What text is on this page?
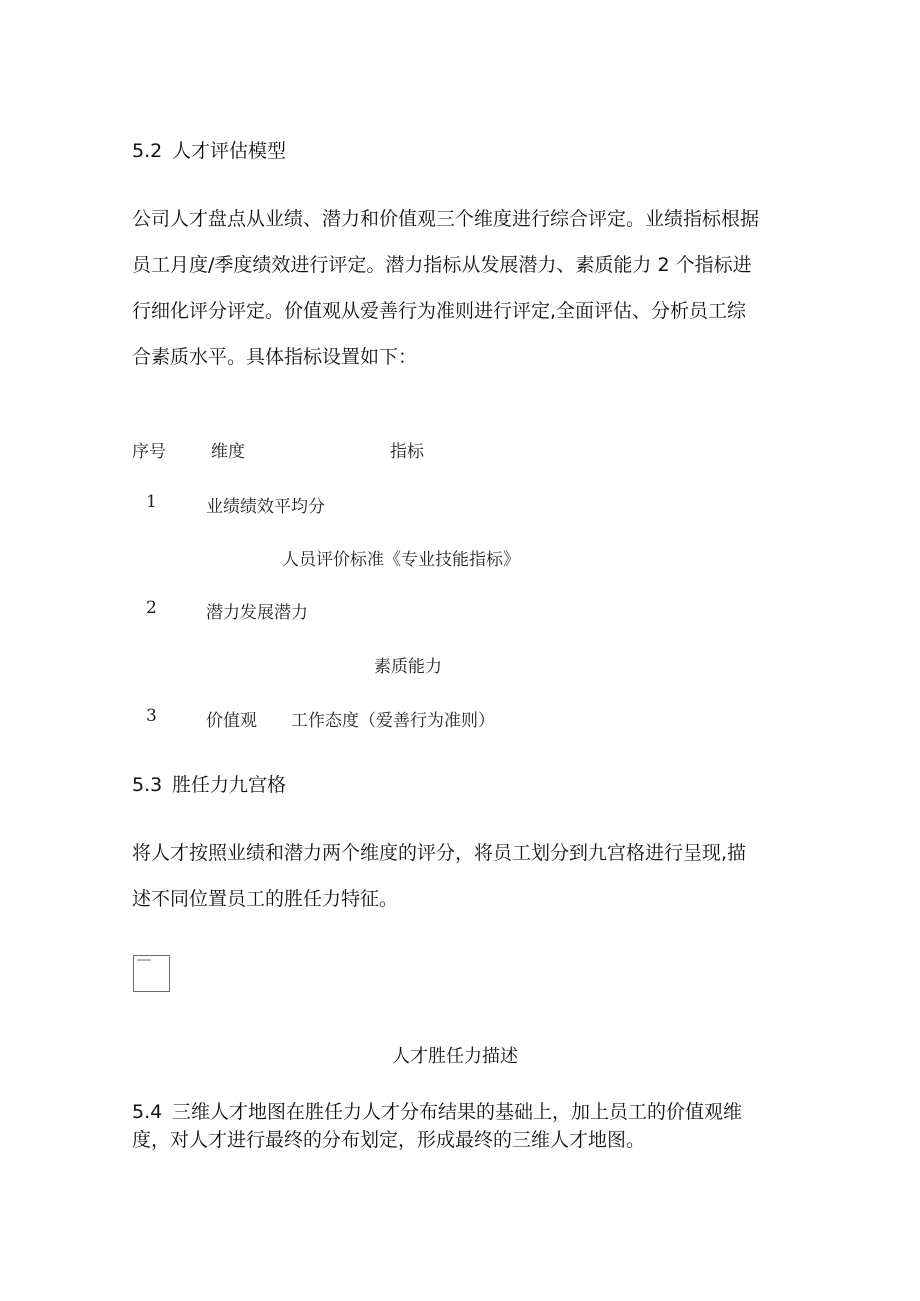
5.2 人才评估模型
公司人才盘点从业绩、潜力和价值观三个维度进行综合评定。业绩指标根据
员工月度/季度绩效进行评定。潜力指标从发展潜力、素质能力 2 个指标进
行细化评分评定。价值观从爱善行为准则进行评定,全面评估、分析员工综
合素质水平。具体指标设置如下：
序号	维度	指标
1	业绩 绩效平均分
人员评价标准《专业技能指标》
2	潜力 发展潜力
素质能力
3	价值观 工作态度（爱善行为准则）
5.3 胜任力九宫格
将人才按照业绩和潜力两个维度的评分，将员工划分到九宫格进行呈现,描
述不同位置员工的胜任力特征。
人才胜任力描述
5.4 三维人才地图在胜任力人才分布结果的基础上，加上员工的价值观维
度，对人才进行最终的分布划定，形成最终的三维人才地图。
